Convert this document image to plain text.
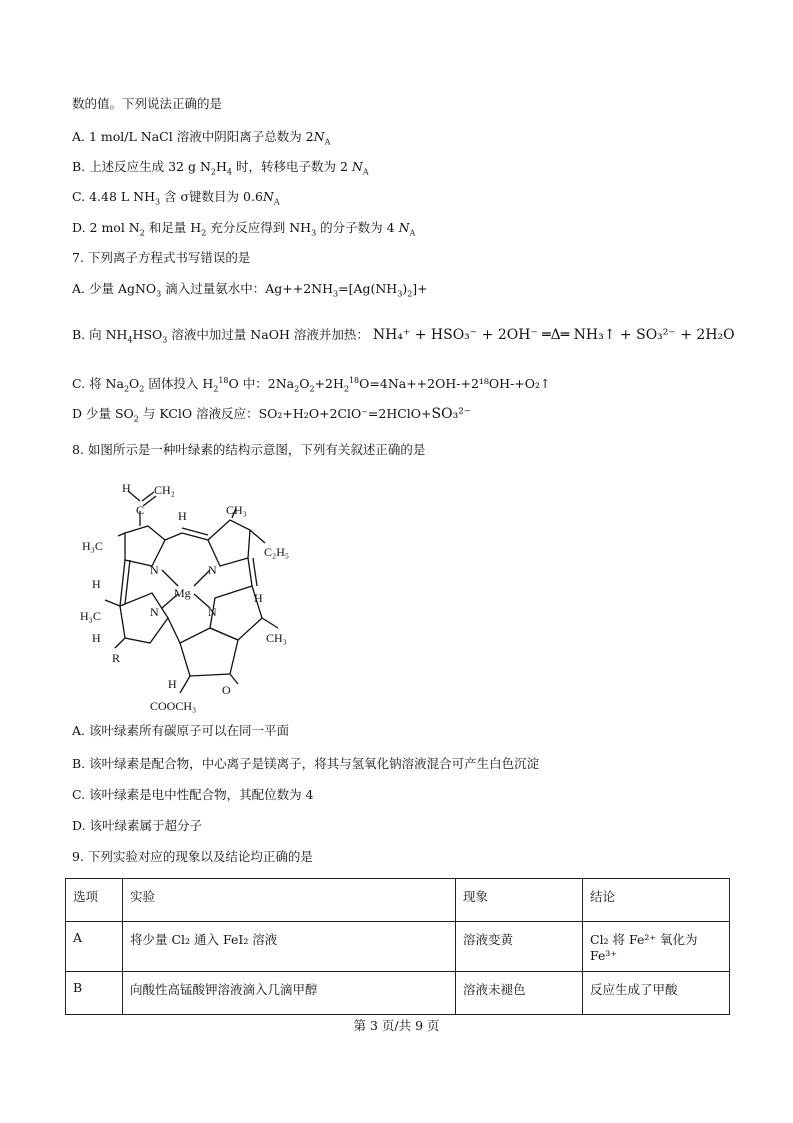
数的值。下列说法正确的是
A. 1 mol/L NaCl 溶液中阴阳离子总数为 $2N_A$
B. 上述反应生成 32 g $N_2H_4$ 时，转移电子数为 2 $N_A$
C. 4.48 L $NH_3$ 含 σ键数目为 $0.6N_A$
D. 2 mol $N_2$ 和足量 $H_2$ 充分反应得到 $NH_3$ 的分子数为 4 $N_A$
7. 下列离子方程式书写错误的是
A. 少量 AgNO$_3$ 滴入过量氨水中：$Ag++2NH_3=[Ag(NH_3)_2]+$
B. 向 $NH_4HSO_3$ 溶液中加过量 NaOH 溶液并加热： NH₄⁺ + HSO₃⁻ + 2OH⁻ ═Δ═ NH₃↑ + SO₃²⁻ + 2H₂O
C. 将 $Na_2O_2$ 固体投入 $H_2^{18}O$ 中：$2Na_2O_2+2H_2^{18}O=4Na++2OH-+2^{18}OH-+O_2↑$
D 少量 $SO_2$ 与 KClO 溶液反应：SO₂+H₂O+2ClO⁻=2HClO+SO₃²⁻
8. 如图所示是一种叶绿素的结构示意图，下列有关叙述正确的是
H CH₂
C
H₃C
H	CH₃
C₂H₅
N	N
Mg
N	N
H
H
H₃C
H
R
CH₃
H	O
COOCH₃
A. 该叶绿素所有碳原子可以在同一平面
B. 该叶绿素是配合物，中心离子是镁离子，将其与氢氧化钠溶液混合可产生白色沉淀
C. 该叶绿素是电中性配合物，其配位数为 4
D. 该叶绿素属于超分子
9. 下列实验对应的现象以及结论均正确的是
选项	实验	现象	结论
A	将少量 Cl₂ 通入 FeI₂ 溶液	溶液变黄	Cl₂ 将 Fe²⁺ 氧化为 Fe³⁺
B	向酸性高锰酸钾溶液滴入几滴甲醇	溶液未褪色	反应生成了甲酸
第 3 页/共 9 页
